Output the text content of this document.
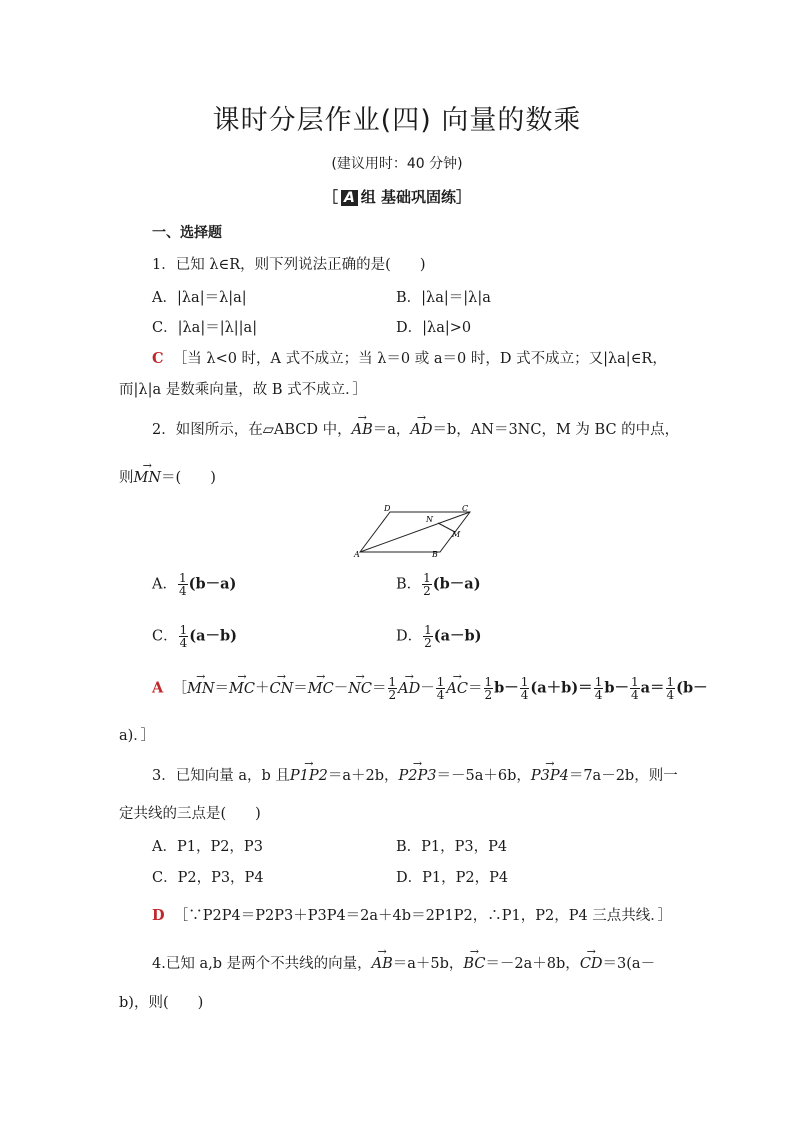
课时分层作业(四) 向量的数乘
(建议用时：40 分钟)
［ A 组 基础巩固练］
一、选择题
1．已知 λ∈R，则下列说法正确的是(　　)
A．|λa|＝λ|a|	B．|λa|＝|λ|a
C．|λa|＝|λ||a|	D．|λa|>0
C ［当 λ<0 时，A 式不成立；当 λ＝0 或 a＝0 时，D 式不成立；又|λa|∈R，
而|λ|a 是数乘向量，故 B 式不成立．］
2．如图所示，在▱ABCD 中，→ AB＝a，→ AD＝b，AN＝3NC，M 为 BC 的中点，
则→ MN＝(　　)
D	C
N
M
A	B
A． $\frac{1}{4} (b-a)$	B． $\frac{1}{2} (b-a)$
C． $\frac{1}{4} (a-b)$	D． $\frac{1}{2} (a-b)$
A ［→ $MN=\to MC+\to CN=\to MC-\to NC= \frac{1}{2}$
→ $AD- \frac{1}{4}$
→ $AC= \frac{1}{2} b- \frac{1}{4} (a+b)= \frac{1}{4} b- \frac{1}{4} a= \frac{1}{4} (b-$
a)．］
3．已知向量 a，b 且→ P1P2＝a＋2b，→ P2P3＝－5a＋6b，→ P3P4＝7a－2b，则一
定共线的三点是(　　)
A．P1，P2，P3	B．P1，P3，P4
C．P2，P3，P4	D．P1，P2，P4
D ［∵P2P4＝P2P3＋P3P4＝2a＋4b＝2P1P2，∴P1，P2，P4 三点共线．］
4.已知 a,b 是两个不共线的向量，→ AB＝a＋5b，→ BC＝－2a＋8b，→ CD＝3(a－
b)，则(　　)
